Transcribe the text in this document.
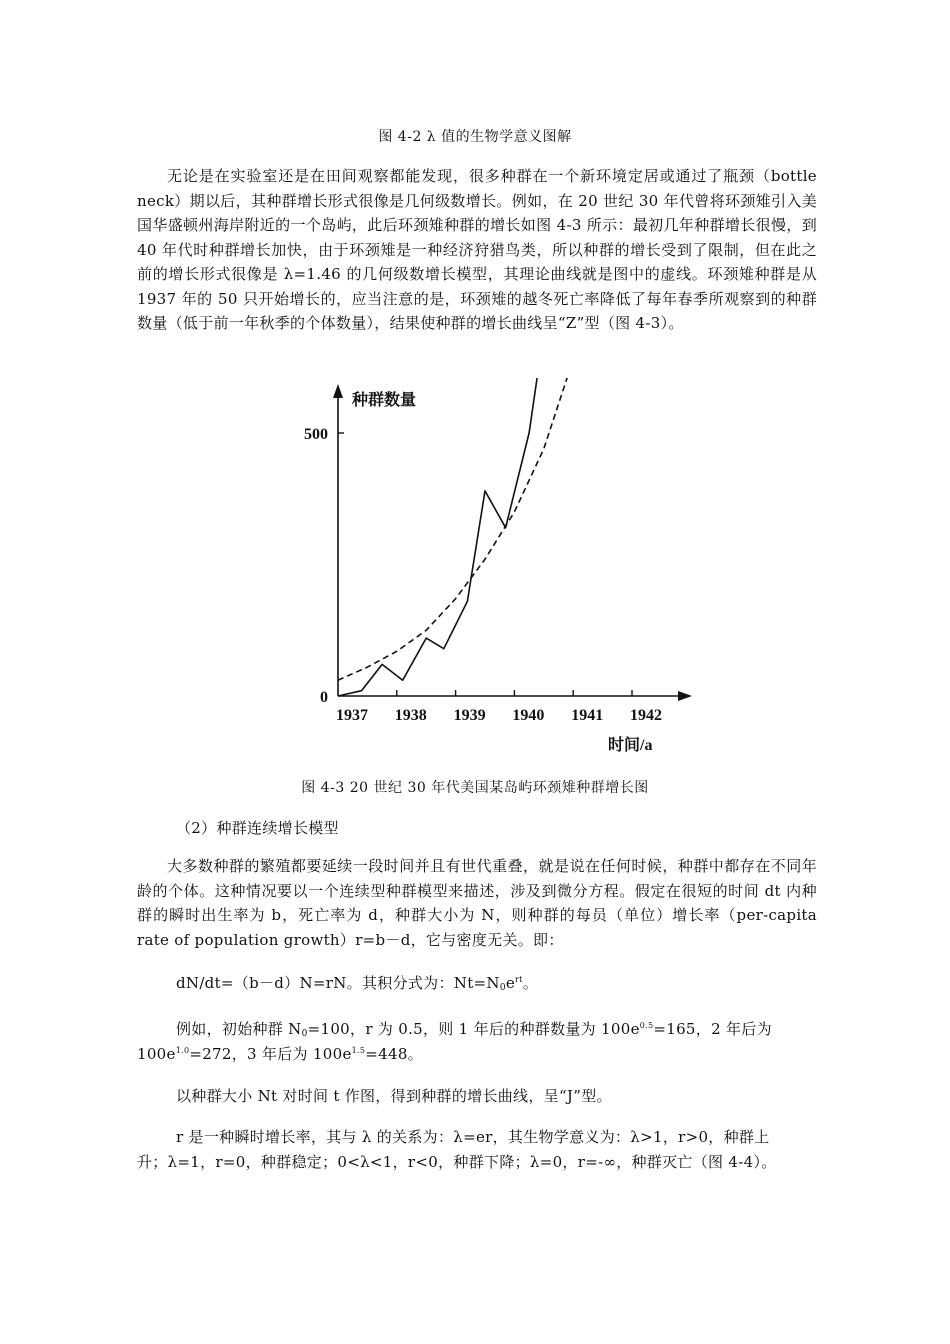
图 4-2 λ 值的生物学意义图解
无论是在实验室还是在田间观察都能发现，很多种群在一个新环境定居或通过了瓶颈（bottle neck）期以后，其种群增长形式很像是几何级数增长。例如，在 20 世纪 30 年代曾将环颈雉引入美国华盛顿州海岸附近的一个岛屿，此后环颈雉种群的增长如图 4-3 所示：最初几年种群增长很慢，到 40 年代时种群增长加快，由于环颈雉是一种经济狩猎鸟类，所以种群的增长受到了限制，但在此之前的增长形式很像是 λ=1.46 的几何级数增长模型，其理论曲线就是图中的虚线。环颈雉种群是从 1937 年的 50 只开始增长的，应当注意的是，环颈雉的越冬死亡率降低了每年春季所观察到的种群数量（低于前一年秋季的个体数量），结果使种群的增长曲线呈“Z”型（图 4-3）。
种群数量
时间/a
0
500
1937 1938 1939 1940 1941 1942
图 4-3 20 世纪 30 年代美国某岛屿环颈雉种群增长图
（2）种群连续增长模型
大多数种群的繁殖都要延续一段时间并且有世代重叠，就是说在任何时候，种群中都存在不同年龄的个体。这种情况要以一个连续型种群模型来描述，涉及到微分方程。假定在很短的时间 dt 内种群的瞬时出生率为 b，死亡率为 d，种群大小为 N，则种群的每员（单位）增长率（per-capita rate of population growth）r=b－d，它与密度无关。即：
dN/dt=（b－d）N=rN。其积分式为：$Nt=N_0e^{rt}$。
例如，初始种群 $N_0=100$，r 为 0.5，则 1 年后的种群数量为 $100e^{0.5}=165$，2 年后为
$100e^{1.0}=272$，3 年后为 $100e^{1.5}=448$。
以种群大小 Nt 对时间 t 作图，得到种群的增长曲线，呈“J”型。
r 是一种瞬时增长率，其与 λ 的关系为：λ=er，其生物学意义为：λ>1，r>0，种群上
升；λ=1，r=0，种群稳定；0<λ<1，r<0，种群下降；λ=0，r=-∞，种群灭亡（图 4-4）。
